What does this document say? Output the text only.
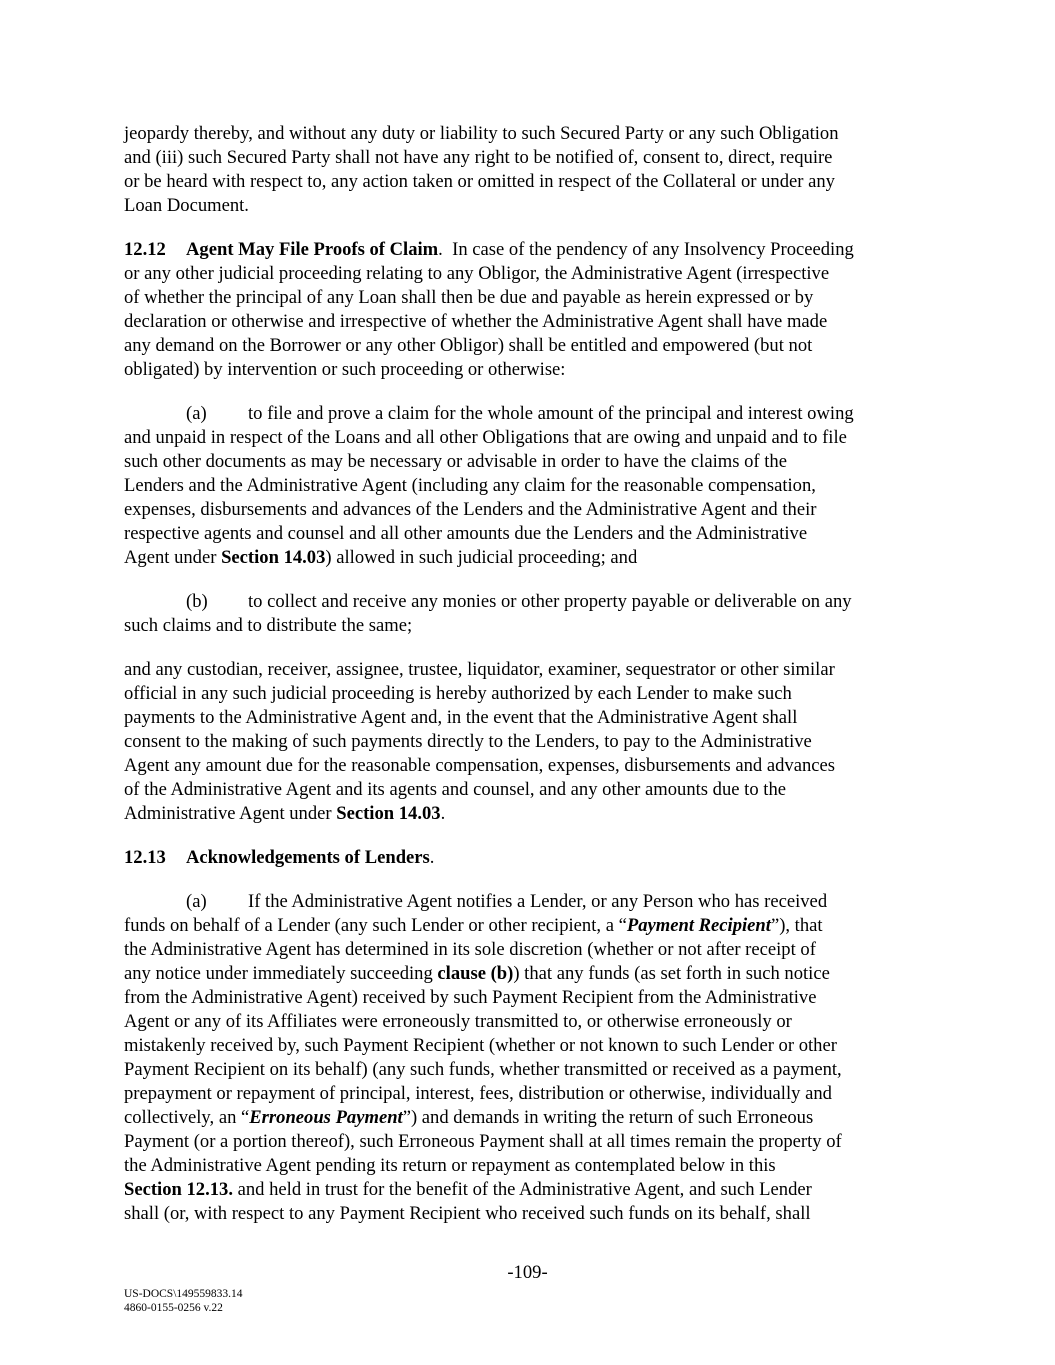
jeopardy thereby, and without any duty or liability to such Secured Party or any such Obligation
and (iii) such Secured Party shall not have any right to be notified of, consent to, direct, require
or be heard with respect to, any action taken or omitted in respect of the Collateral or under any
Loan Document.

12.12 Agent May File Proofs of Claim. In case of the pendency of any Insolvency Proceeding
or any other judicial proceeding relating to any Obligor, the Administrative Agent (irrespective
of whether the principal of any Loan shall then be due and payable as herein expressed or by
declaration or otherwise and irrespective of whether the Administrative Agent shall have made
any demand on the Borrower or any other Obligor) shall be entitled and empowered (but not
obligated) by intervention or such proceeding or otherwise:

(a) to file and prove a claim for the whole amount of the principal and interest owing
and unpaid in respect of the Loans and all other Obligations that are owing and unpaid and to file
such other documents as may be necessary or advisable in order to have the claims of the
Lenders and the Administrative Agent (including any claim for the reasonable compensation,
expenses, disbursements and advances of the Lenders and the Administrative Agent and their
respective agents and counsel and all other amounts due the Lenders and the Administrative
Agent under Section 14.03) allowed in such judicial proceeding; and

(b) to collect and receive any monies or other property payable or deliverable on any
such claims and to distribute the same;

and any custodian, receiver, assignee, trustee, liquidator, examiner, sequestrator or other similar
official in any such judicial proceeding is hereby authorized by each Lender to make such
payments to the Administrative Agent and, in the event that the Administrative Agent shall
consent to the making of such payments directly to the Lenders, to pay to the Administrative
Agent any amount due for the reasonable compensation, expenses, disbursements and advances
of the Administrative Agent and its agents and counsel, and any other amounts due to the
Administrative Agent under Section 14.03.

12.13 Acknowledgements of Lenders.

(a) If the Administrative Agent notifies a Lender, or any Person who has received
funds on behalf of a Lender (any such Lender or other recipient, a “Payment Recipient”), that
the Administrative Agent has determined in its sole discretion (whether or not after receipt of
any notice under immediately succeeding clause (b)) that any funds (as set forth in such notice
from the Administrative Agent) received by such Payment Recipient from the Administrative
Agent or any of its Affiliates were erroneously transmitted to, or otherwise erroneously or
mistakenly received by, such Payment Recipient (whether or not known to such Lender or other
Payment Recipient on its behalf) (any such funds, whether transmitted or received as a payment,
prepayment or repayment of principal, interest, fees, distribution or otherwise, individually and
collectively, an “Erroneous Payment”) and demands in writing the return of such Erroneous
Payment (or a portion thereof), such Erroneous Payment shall at all times remain the property of
the Administrative Agent pending its return or repayment as contemplated below in this
Section 12.13. and held in trust for the benefit of the Administrative Agent, and such Lender
shall (or, with respect to any Payment Recipient who received such funds on its behalf, shall

-109-
US-DOCS\149559833.14
4860-0155-0256 v.22
